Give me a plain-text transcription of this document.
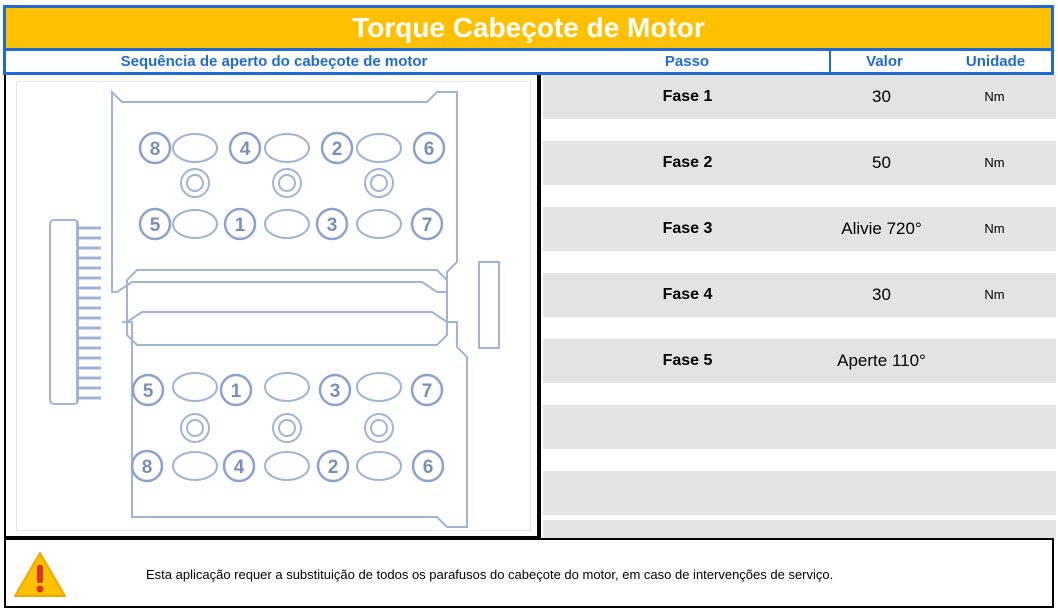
Torque Cabeçote de Motor
Sequência de aperto do cabeçote de motor	Passo	Valor	Unidade
8	4	2	6
5	1	3	7
5	1	3	7
8	4	2	6
Fase 1	30	Nm
Fase 2	50	Nm
Fase 3	Alivie 720°	Nm
Fase 4	30	Nm
Fase 5	Aperte 110°
Esta aplicação requer a substituição de todos os parafusos do cabeçote do motor, em caso de intervenções de serviço.
